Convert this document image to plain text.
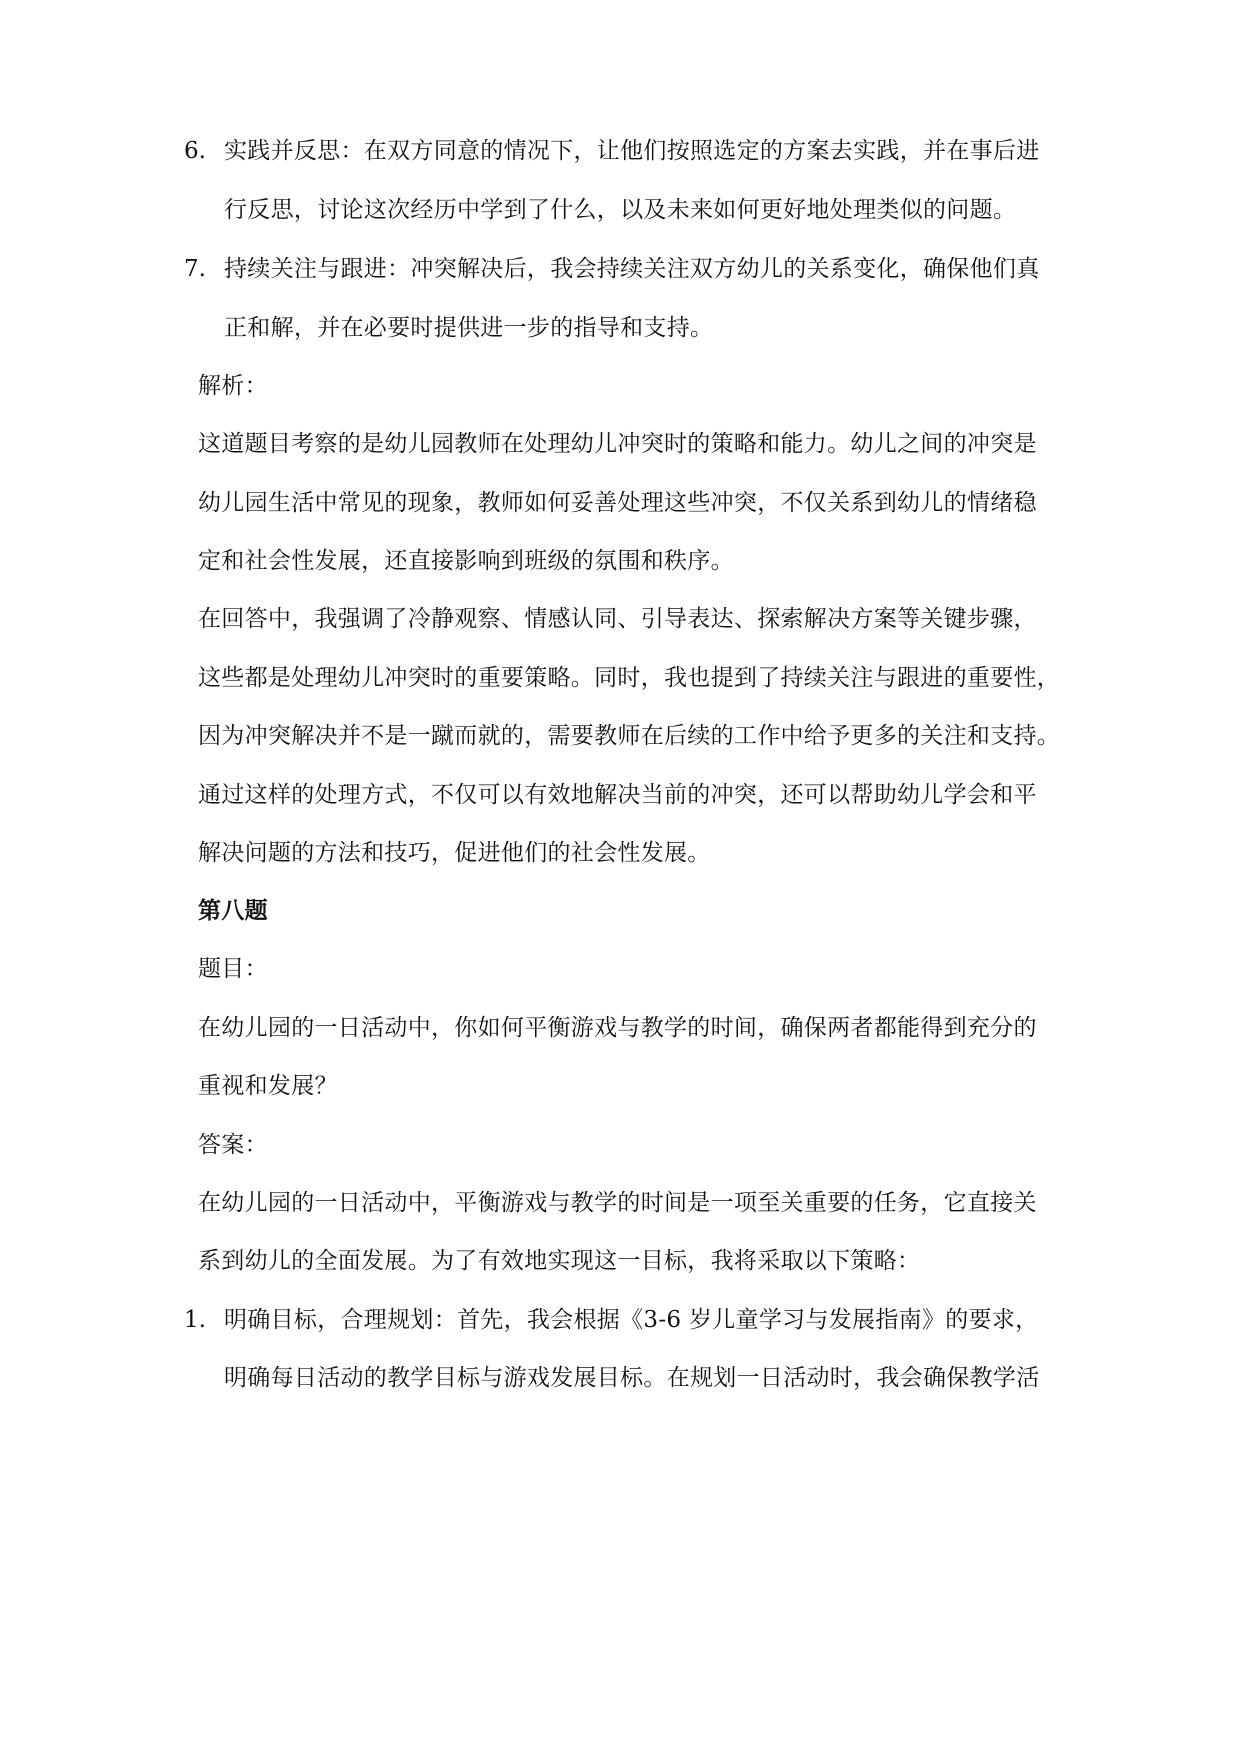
6. 实践并反思：在双方同意的情况下，让他们按照选定的方案去实践，并在事后进
行反思，讨论这次经历中学到了什么，以及未来如何更好地处理类似的问题。
7. 持续关注与跟进：冲突解决后，我会持续关注双方幼儿的关系变化，确保他们真
正和解，并在必要时提供进一步的指导和支持。
解析：
这道题目考察的是幼儿园教师在处理幼儿冲突时的策略和能力。幼儿之间的冲突是
幼儿园生活中常见的现象，教师如何妥善处理这些冲突，不仅关系到幼儿的情绪稳
定和社会性发展，还直接影响到班级的氛围和秩序。
在回答中，我强调了冷静观察、情感认同、引导表达、探索解决方案等关键步骤，
这些都是处理幼儿冲突时的重要策略。同时，我也提到了持续关注与跟进的重要性，
因为冲突解决并不是一蹴而就的，需要教师在后续的工作中给予更多的关注和支持。
通过这样的处理方式，不仅可以有效地解决当前的冲突，还可以帮助幼儿学会和平
解决问题的方法和技巧，促进他们的社会性发展。
第八题
题目：
在幼儿园的一日活动中，你如何平衡游戏与教学的时间，确保两者都能得到充分的
重视和发展？
答案：
在幼儿园的一日活动中，平衡游戏与教学的时间是一项至关重要的任务，它直接关
系到幼儿的全面发展。为了有效地实现这一目标，我将采取以下策略：
1. 明确目标，合理规划：首先，我会根据《3-6 岁儿童学习与发展指南》的要求，
明确每日活动的教学目标与游戏发展目标。在规划一日活动时，我会确保教学活
